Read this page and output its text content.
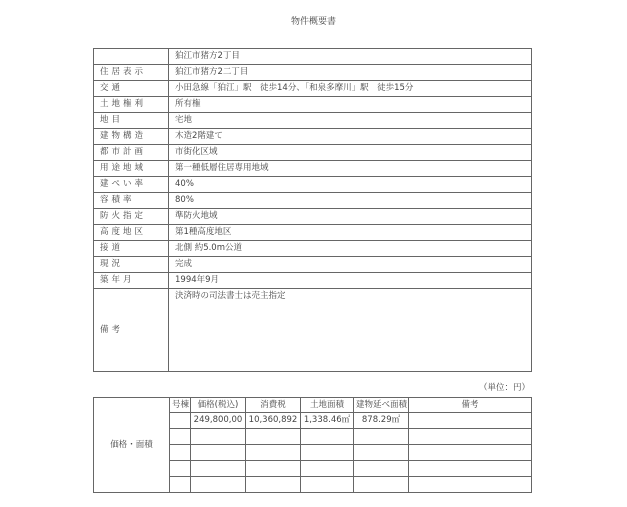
物件概要書
	狛江市猪方2丁目
住居表示	狛江市猪方2二丁目
交通	小田急線「狛江」駅　徒歩14分、「和泉多摩川」駅　徒歩15分
土地権利	所有権
地目	宅地
建物構造	木造2階建て
都市計画	市街化区域
用途地域	第一種低層住居専用地域
建ぺい率	40%
容積率	80%
防火指定	準防火地域
高度地区	第1種高度地区
接道	北側 約5.0m公道
現況	完成
築年月	1994年9月
備考	決済時の司法書士は売主指定
（単位：円）
価格・面積	号棟	価格(税込)	消費税	土地面積	建物延べ面積	備考
		249,800,00	10,360,892	1,338.46㎡	878.29㎡	
